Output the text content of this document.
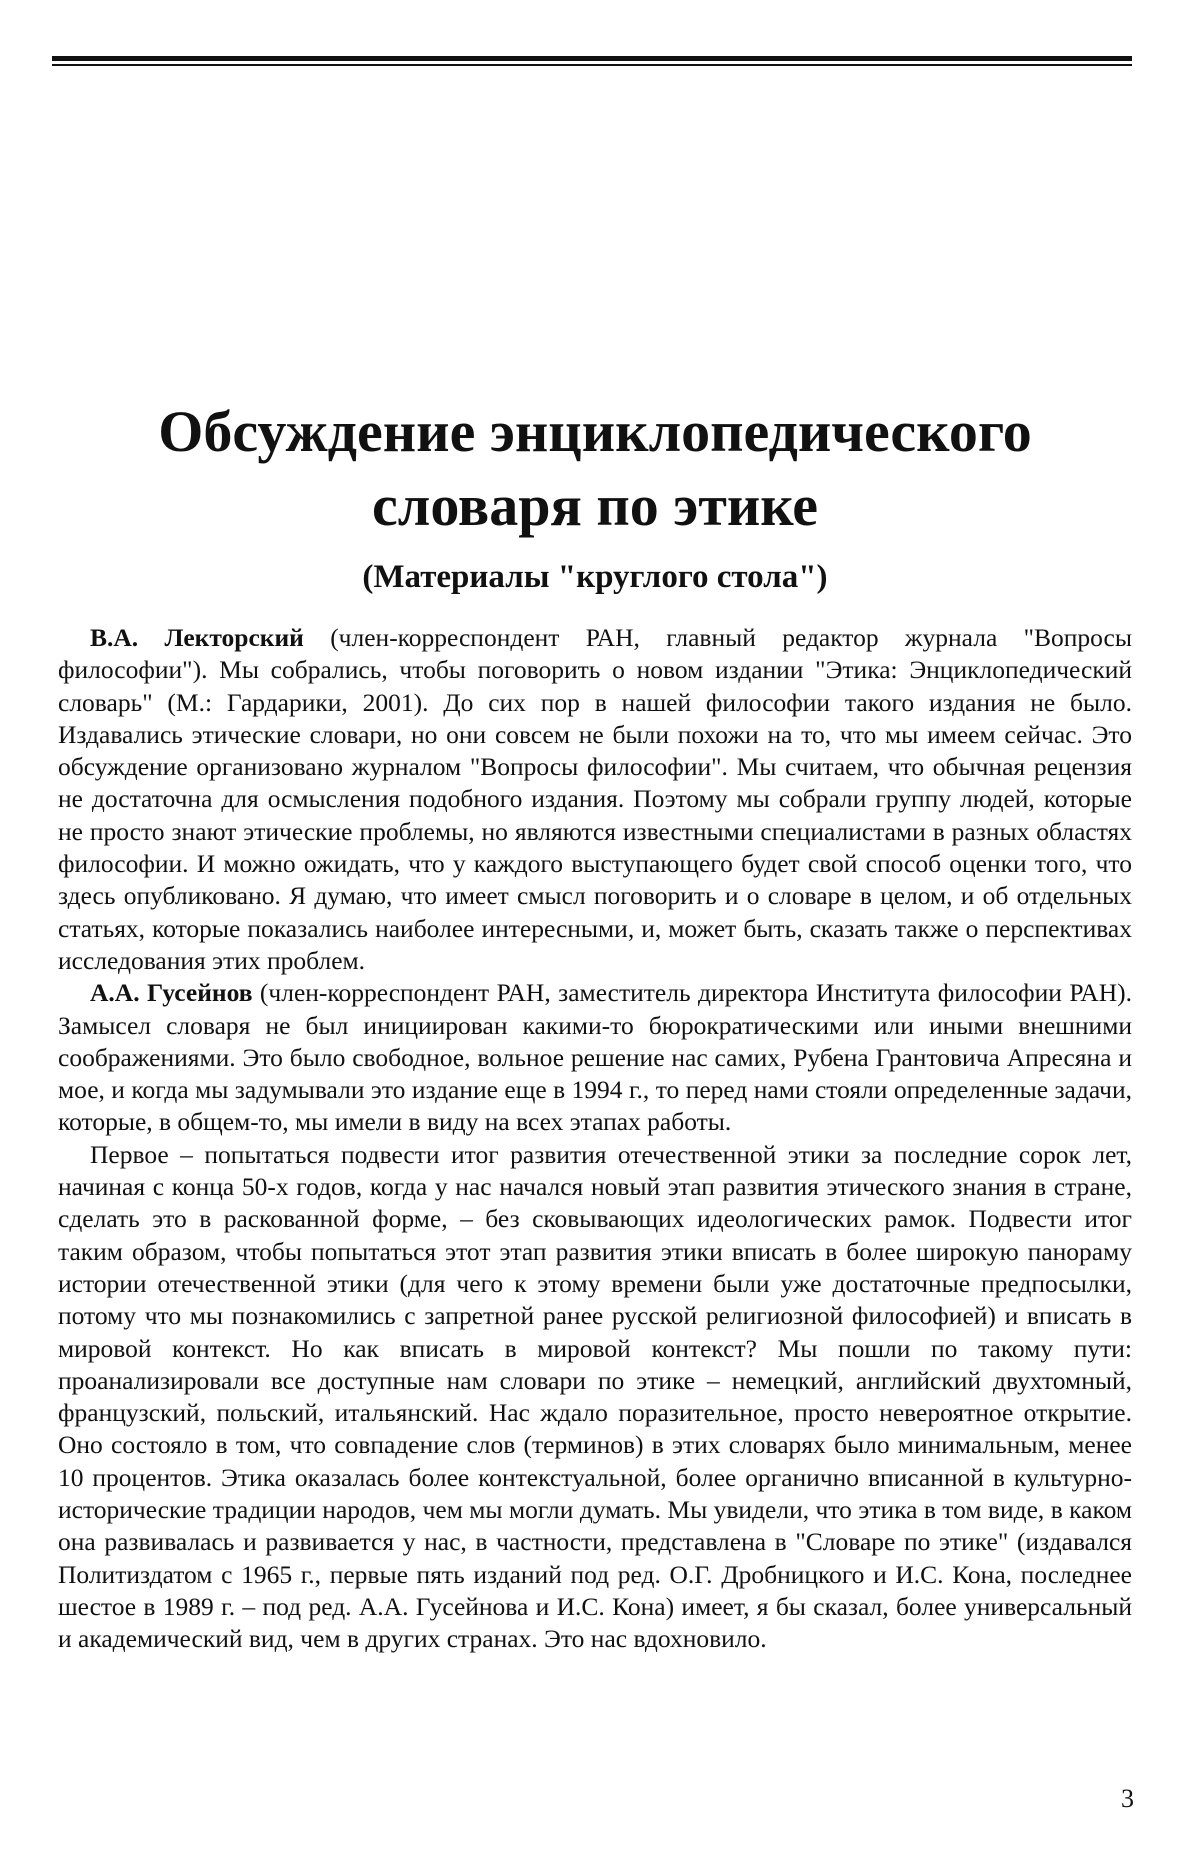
Обсуждение энциклопедического
словаря по этике
(Материалы "круглого стола")

В.А. Лекторский (член-корреспондент РАН, главный редактор журнала "Вопросы философии"). Мы собрались, чтобы поговорить о новом издании "Этика: Энциклопедический словарь" (М.: Гардарики, 2001). До сих пор в нашей философии такого издания не было. Издавались этические словари, но они совсем не были похожи на то, что мы имеем сейчас. Это обсуждение организовано журналом "Вопросы философии". Мы считаем, что обычная рецензия не достаточна для осмысления подобного издания. Поэтому мы собрали группу людей, которые не просто знают этические проблемы, но являются известными специалистами в разных областях философии. И можно ожидать, что у каждого выступающего будет свой способ оценки того, что здесь опубликовано. Я думаю, что имеет смысл поговорить и о словаре в целом, и об отдельных статьях, которые показались наиболее интересными, и, может быть, сказать также о перспективах исследования этих проблем.

А.А. Гусейнов (член-корреспондент РАН, заместитель директора Института философии РАН). Замысел словаря не был инициирован какими-то бюрократическими или иными внешними соображениями. Это было свободное, вольное решение нас самих, Рубена Грантовича Апресяна и мое, и когда мы задумывали это издание еще в 1994 г., то перед нами стояли определенные задачи, которые, в общем-то, мы имели в виду на всех этапах работы.

Первое – попытаться подвести итог развития отечественной этики за последние сорок лет, начиная с конца 50-х годов, когда у нас начался новый этап развития этического знания в стране, сделать это в раскованной форме, – без сковывающих идеологических рамок. Подвести итог таким образом, чтобы попытаться этот этап развития этики вписать в более широкую панораму истории отечественной этики (для чего к этому времени были уже достаточные предпосылки, потому что мы познакомились с запретной ранее русской религиозной философией) и вписать в мировой контекст. Но как вписать в мировой контекст? Мы пошли по такому пути: проанализировали все доступные нам словари по этике – немецкий, английский двухтомный, французский, польский, итальянский. Нас ждало поразительное, просто невероятное открытие. Оно состояло в том, что совпадение слов (терминов) в этих словарях было минимальным, менее 10 процентов. Этика оказалась более контекстуальной, более органично вписанной в культурно-исторические традиции народов, чем мы могли думать. Мы увидели, что этика в том виде, в каком она развивалась и развивается у нас, в частности, представлена в "Словаре по этике" (издавался Политиздатом с 1965 г., первые пять изданий под ред. О.Г. Дробницкого и И.С. Кона, последнее шестое в 1989 г. – под ред. А.А. Гусейнова и И.С. Кона) имеет, я бы сказал, более универсальный и академический вид, чем в других странах. Это нас вдохновило.

3
